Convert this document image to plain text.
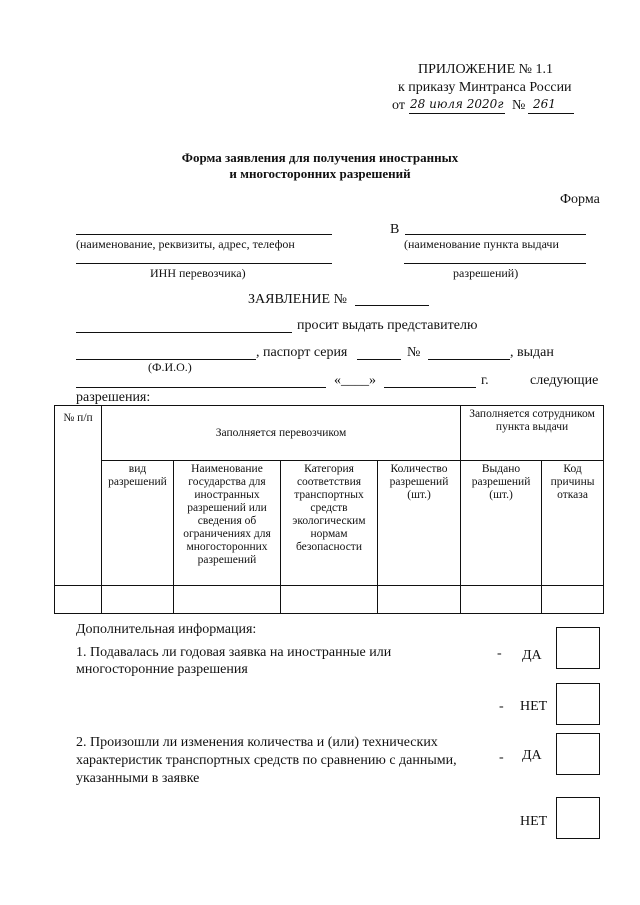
ПРИЛОЖЕНИЕ № 1.1
к приказу Минтранса России
от 28 июля 2020г № 261
Форма заявления для получения иностранных
и многосторонних разрешений
Форма
В
(наименование, реквизиты, адрес, телефон	(наименование пункта выдачи
ИНН перевозчика)	разрешений)
ЗАЯВЛЕНИЕ №
просит выдать представителю
, паспорт серия	№	, выдан
(Ф.И.О.)
«____»	г.	следующие
разрешения:
№ п/п	Заполняется перевозчиком				Заполняется сотрудником пункта выдачи	
	вид разрешений	Наименование государства для иностранных разрешений или сведения об ограничениях для многосторонних разрешений	Категория соответствия транспортных средств экологическим нормам безопасности	Количество разрешений (шт.)	Выдано разрешений (шт.)	Код причины отказа

Дополнительная информация:
1. Подавалась ли годовая заявка на иностранные или
многосторонние разрешения
- ДА
- НЕТ
2. Произошли ли изменения количества и (или) технических
характеристик транспортных средств по сравнению с данными,
указанными в заявке
- ДА
НЕТ
